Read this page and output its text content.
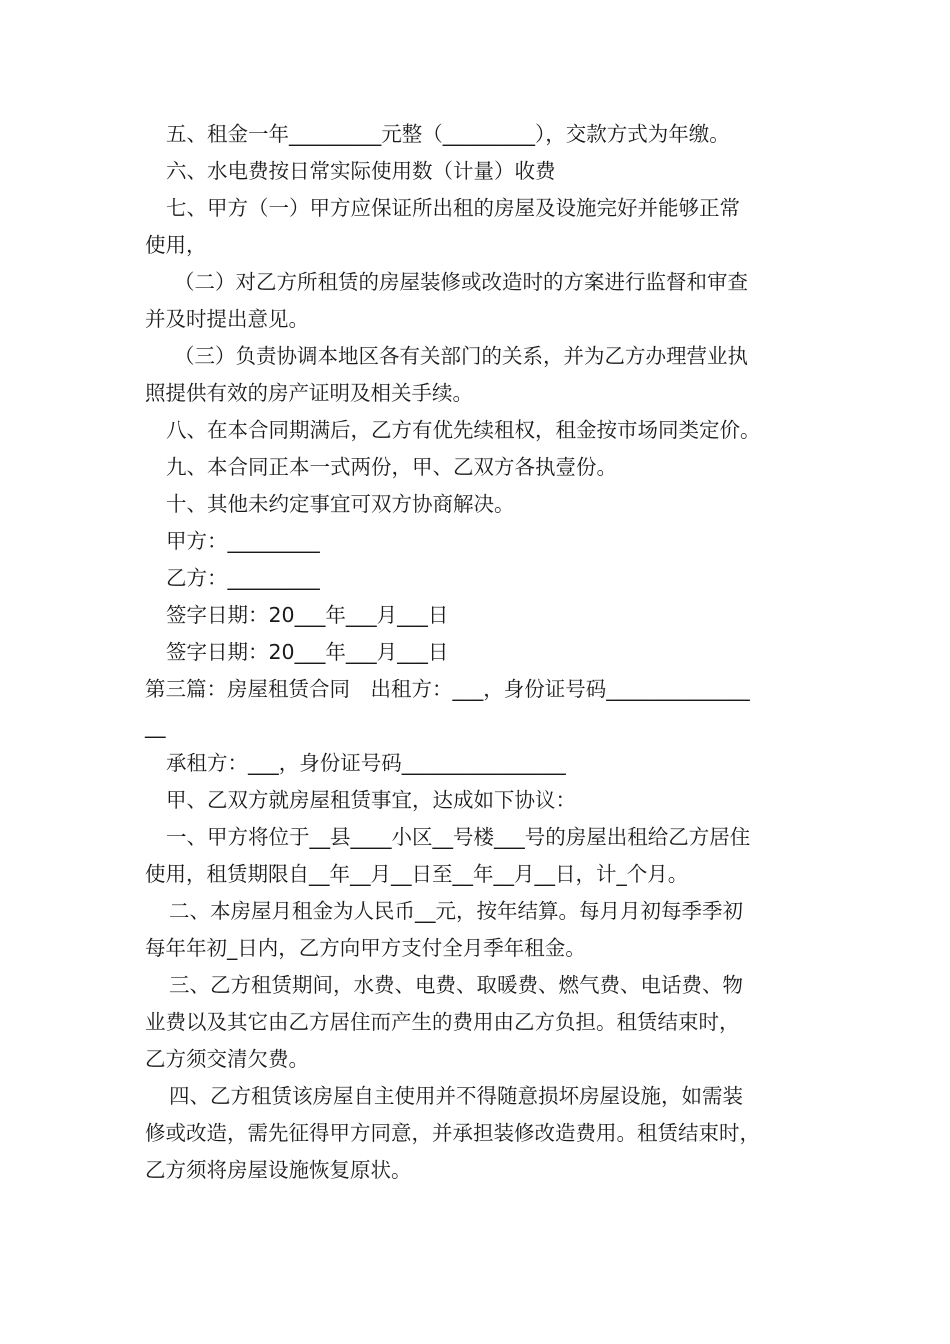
五、租金一年_________元整（_________），交款方式为年缴。

六、水电费按日常实际使用数（计量）收费

七、甲方（一）甲方应保证所出租的房屋及设施完好并能够正常

使用，

（二）对乙方所租赁的房屋装修或改造时的方案进行监督和审查

并及时提出意见。

（三）负责协调本地区各有关部门的关系，并为乙方办理营业执

照提供有效的房产证明及相关手续。

八、在本合同期满后，乙方有优先续租权，租金按市场同类定价。

九、本合同正本一式两份，甲、乙双方各执壹份。

十、其他未约定事宜可双方协商解决。

甲方：_________

乙方：_________

签字日期：20___年___月___日

签字日期：20___年___月___日

第三篇：房屋租赁合同　出租方：___，身份证号码______________

__

承租方：___，身份证号码________________

甲、乙双方就房屋租赁事宜，达成如下协议：

一、甲方将位于__县____小区__号楼___号的房屋出租给乙方居住

使用，租赁期限自__年__月__日至__年__月__日，计_个月。

二、本房屋月租金为人民币__元，按年结算。每月月初每季季初

每年年初_日内，乙方向甲方支付全月季年租金。

三、乙方租赁期间，水费、电费、取暖费、燃气费、电话费、物

业费以及其它由乙方居住而产生的费用由乙方负担。租赁结束时，

乙方须交清欠费。

四、乙方租赁该房屋自主使用并不得随意损坏房屋设施，如需装

修或改造，需先征得甲方同意，并承担装修改造费用。租赁结束时，

乙方须将房屋设施恢复原状。
